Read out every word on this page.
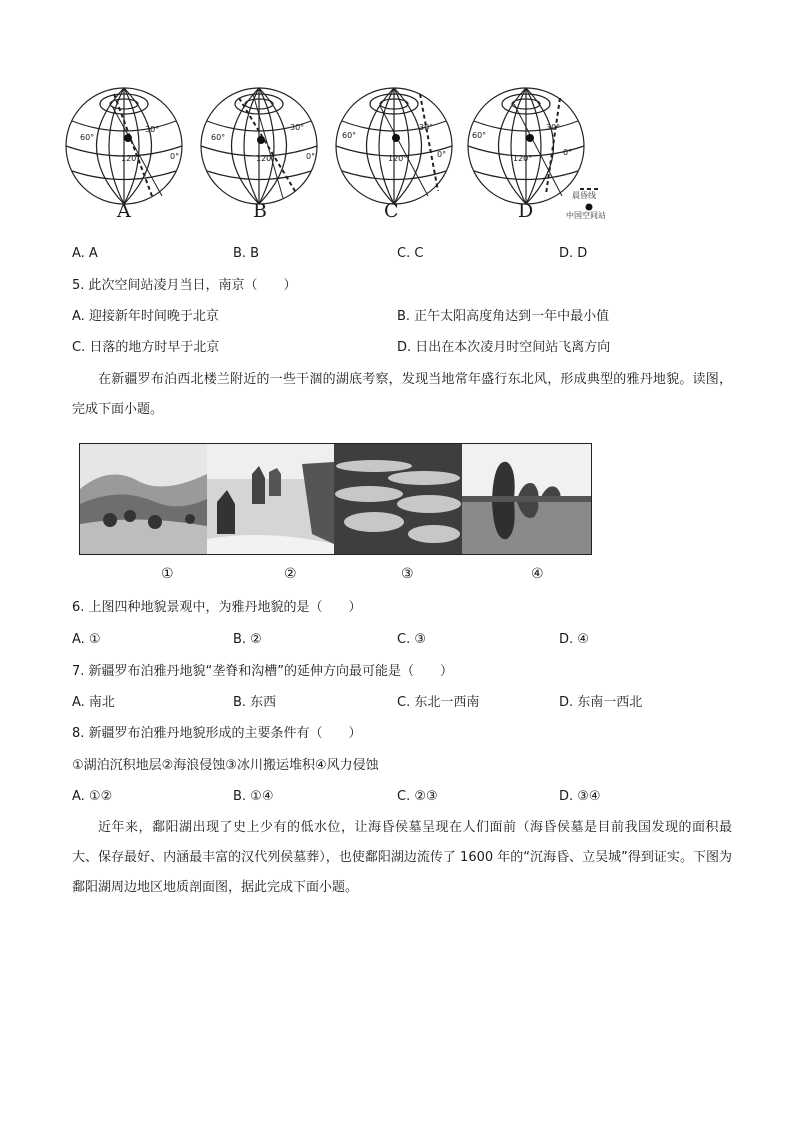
60°
30°
120°	0°
60°
30°
120°	0°
60°
30°
120°	0°
60°
30°
120°
0°
A	B	C	D
晨昏线
中国空间站
A. A	B. B	C. C	D. D
5. 此次空间站凌月当日，南京（　　）
A. 迎接新年时间晚于北京	B. 正午太阳高度角达到一年中最小值
C. 日落的地方时早于北京	D. 日出在本次凌月时空间站飞离方向
在新疆罗布泊西北楼兰附近的一些干涸的湖底考察，发现当地常年盛行东北风，形成典型的雅丹地貌。读图，完成下面小题。
①	②	③	④
6. 上图四种地貌景观中，为雅丹地貌的是（　　）
A. ①	B. ②	C. ③	D. ④
7. 新疆罗布泊雅丹地貌“垄脊和沟槽”的延伸方向最可能是（　　）
A. 南北	B. 东西	C. 东北一西南	D. 东南一西北
8. 新疆罗布泊雅丹地貌形成的主要条件有（　　）
①湖泊沉积地层②海浪侵蚀③冰川搬运堆积④风力侵蚀
A. ①②	B. ①④	C. ②③	D. ③④
近年来，鄱阳湖出现了史上少有的低水位，让海昏侯墓呈现在人们面前（海昏侯墓是目前我国发现的面积最大、保存最好、内涵最丰富的汉代列侯墓葬），也使鄱阳湖边流传了 1600 年的“沉海昏、立吴城”得到证实。下图为鄱阳湖周边地区地质剖面图，据此完成下面小题。
